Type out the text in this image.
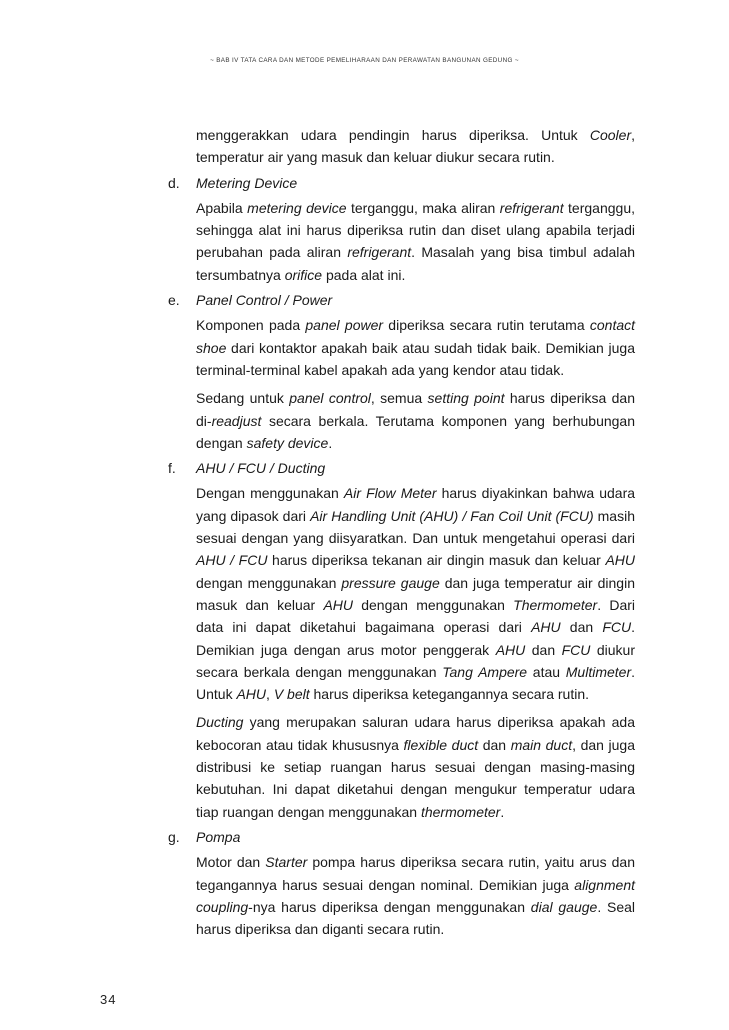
~ BAB IV TATA CARA DAN METODE PEMELIHARAAN DAN PERAWATAN BANGUNAN GEDUNG ~

menggerakkan udara pendingin harus diperiksa. Untuk Cooler, temperatur air yang masuk dan keluar diukur secara rutin.

d. Metering Device

Apabila metering device terganggu, maka aliran refrigerant terganggu, sehingga alat ini harus diperiksa rutin dan diset ulang apabila terjadi perubahan pada aliran refrigerant. Masalah yang bisa timbul adalah tersumbatnya orifice pada alat ini.

e. Panel Control / Power

Komponen pada panel power diperiksa secara rutin terutama contact shoe dari kontaktor apakah baik atau sudah tidak baik. Demikian juga terminal-terminal kabel apakah ada yang kendor atau tidak.

Sedang untuk panel control, semua setting point harus diperiksa dan di-readjust secara berkala. Terutama komponen yang berhubungan dengan safety device.

f. AHU / FCU / Ducting

Dengan menggunakan Air Flow Meter harus diyakinkan bahwa udara yang dipasok dari Air Handling Unit (AHU) / Fan Coil Unit (FCU) masih sesuai dengan yang diisyaratkan. Dan untuk mengetahui operasi dari AHU / FCU harus diperiksa tekanan air dingin masuk dan keluar AHU dengan menggunakan pressure gauge dan juga temperatur air dingin masuk dan keluar AHU dengan menggunakan Thermometer. Dari data ini dapat diketahui bagaimana operasi dari AHU dan FCU. Demikian juga dengan arus motor penggerak AHU dan FCU diukur secara berkala dengan menggunakan Tang Ampere atau Multimeter. Untuk AHU, V belt harus diperiksa ketegangannya secara rutin.

Ducting yang merupakan saluran udara harus diperiksa apakah ada kebocoran atau tidak khususnya flexible duct dan main duct, dan juga distribusi ke setiap ruangan harus sesuai dengan masing-masing kebutuhan. Ini dapat diketahui dengan mengukur temperatur udara tiap ruangan dengan menggunakan thermometer.

g. Pompa

Motor dan Starter pompa harus diperiksa secara rutin, yaitu arus dan tegangannya harus sesuai dengan nominal. Demikian juga alignment coupling-nya harus diperiksa dengan menggunakan dial gauge. Seal harus diperiksa dan diganti secara rutin.

34
